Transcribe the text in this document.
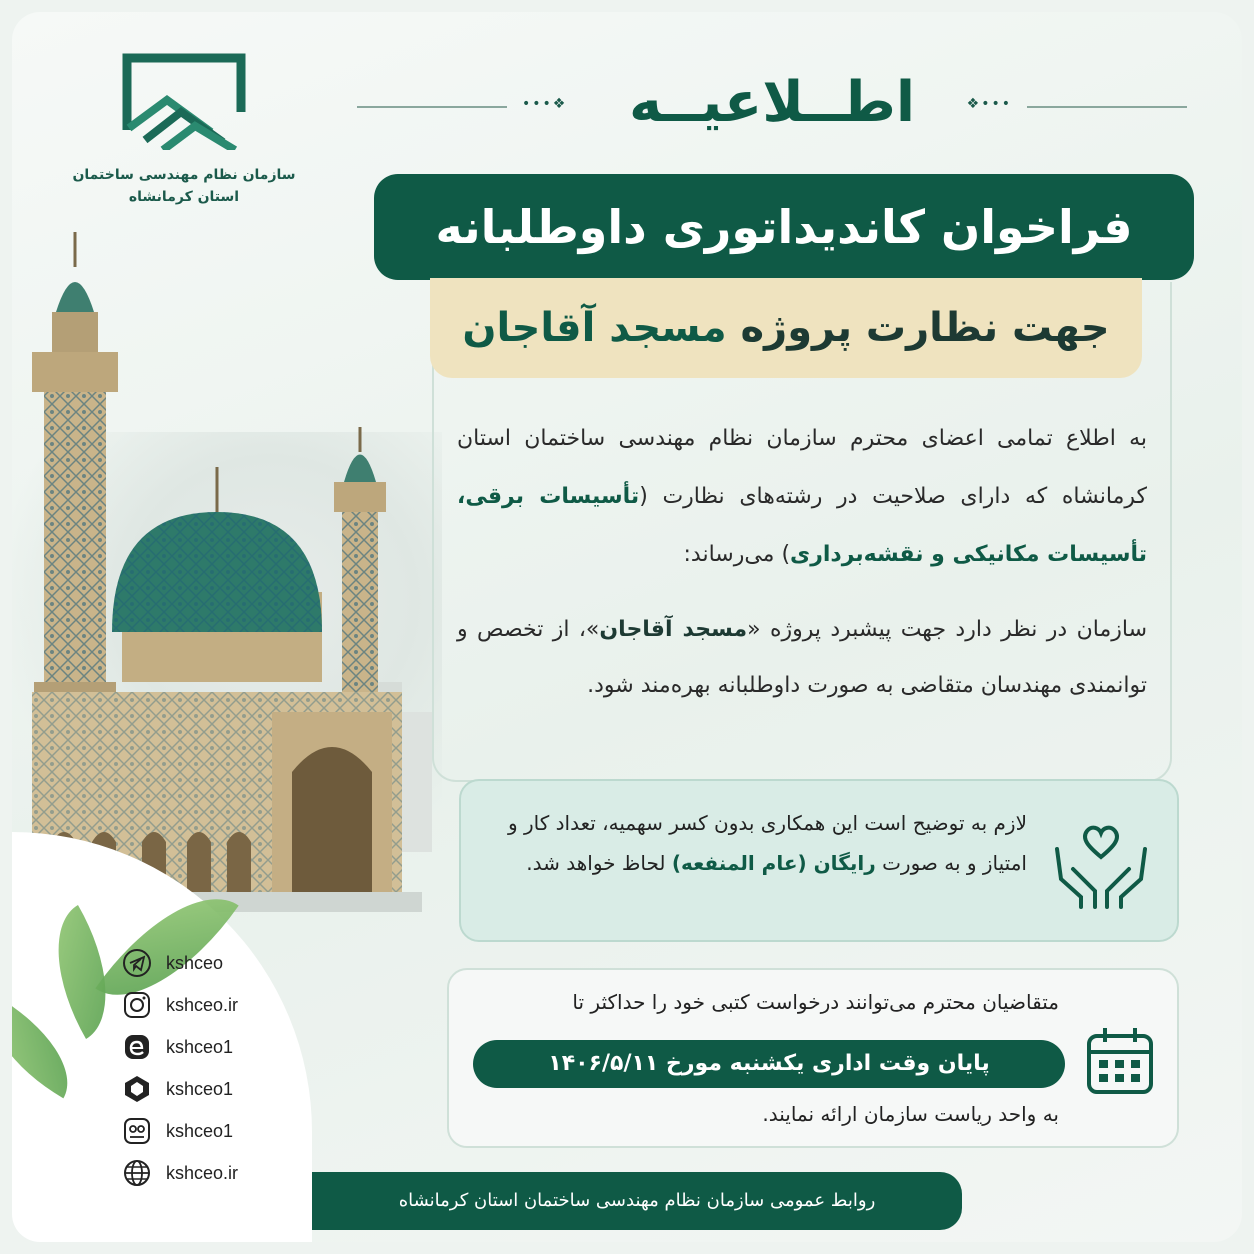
سازمان نظام مهندسی ساختمان
استان کرمانشاه
•••❖	اطــلاعیــه	❖•••
فراخوان کاندیداتوری داوطلبانه
جهت نظارت پروژه مسجد آقاجان
به اطلاع تمامی اعضای محترم سازمان نظام مهندسی ساختمان استان کرمانشاه که دارای صلاحیت در رشته‌های نظارت (تأسیسات برقی، تأسیسات مکانیکی و نقشه‌برداری) می‌رساند:
سازمان در نظر دارد جهت پیشبرد پروژه «مسجد آقاجان»، از تخصص و توانمندی مهندسان متقاضی به صورت داوطلبانه بهره‌مند شود.
لازم به توضیح است این همکاری بدون کسر سهمیه، تعداد کار و امتیاز و به صورت رایگان (عام المنفعه) لحاظ خواهد شد.
متقاضیان محترم می‌توانند درخواست کتبی خود را حداکثر تا
پایان وقت اداری یکشنبه مورخ ۱۴۰۶/۵/۱۱
به واحد ریاست سازمان ارائه نمایند.
kshceo
kshceo.ir
kshceo1
kshceo1
kshceo1
kshceo.ir
روابط عمومی سازمان نظام مهندسی ساختمان استان کرمانشاه
